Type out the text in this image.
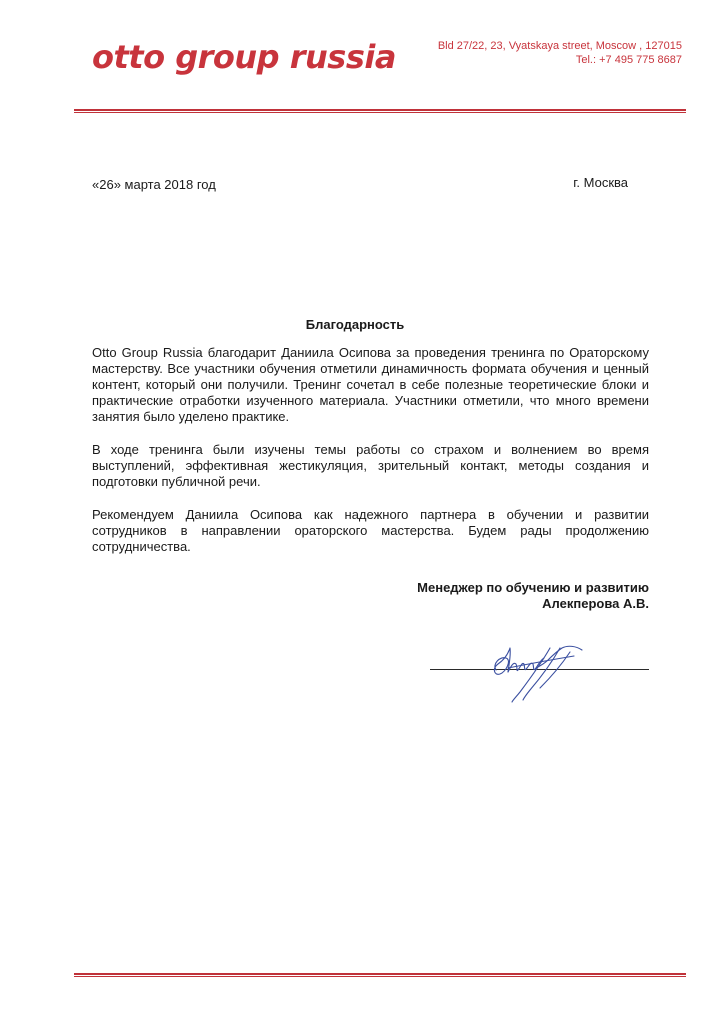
otto group russia	Bld 27/22, 23, Vyatskaya street, Moscow , 127015
Tel.: +7 495 775 8687
«26» марта 2018 год	г. Москва
Благодарность

Otto Group Russia благодарит Даниила Осипова за проведения тренинга по Ораторскому мастерству. Все участники обучения отметили динамичность формата обучения и ценный контент, который они получили. Тренинг сочетал в себе полезные теоретические блоки и практические отработки изученного материала. Участники отметили, что много времени занятия было уделено практике.

В ходе тренинга были изучены темы работы со страхом и волнением во время выступлений, эффективная жестикуляция, зрительный контакт, методы создания и подготовки публичной речи.

Рекомендуем Даниила Осипова как надежного партнера в обучении и развитии сотрудников в направлении ораторского мастерства. Будем рады продолжению сотрудничества.

Менеджер по обучению и развитию
Алекперова А.В.
